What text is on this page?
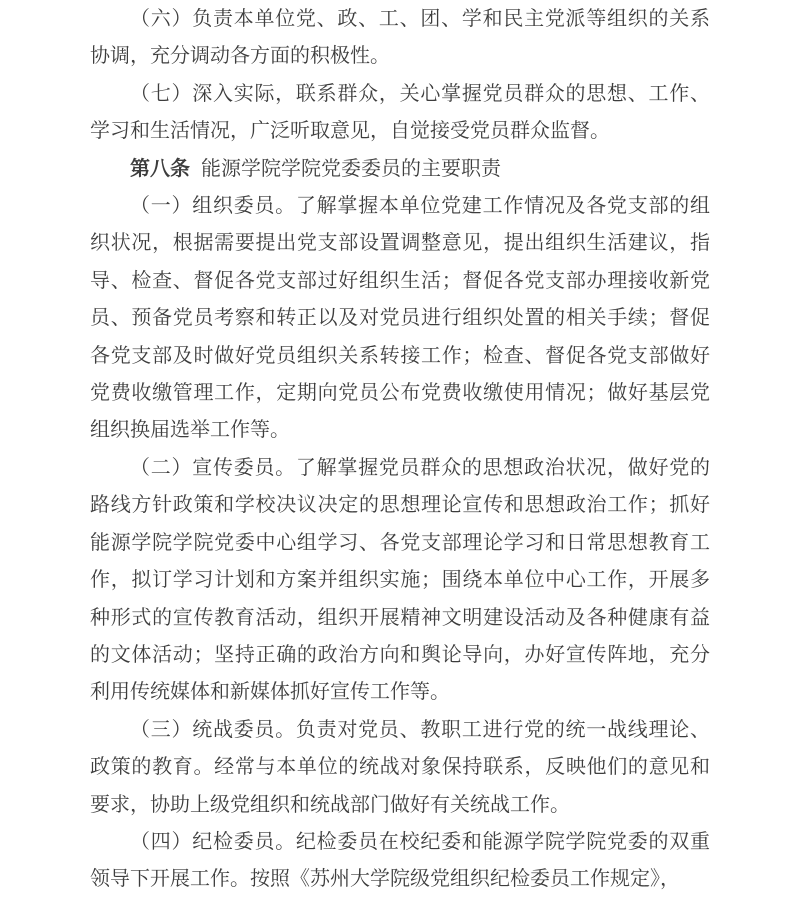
（六）负责本单位党、政、工、团、学和民主党派等组织的关系
协调，充分调动各方面的积极性。
（七）深入实际，联系群众，关心掌握党员群众的思想、工作、
学习和生活情况，广泛听取意见，自觉接受党员群众监督。
第八条 能源学院学院党委委员的主要职责
（一）组织委员。了解掌握本单位党建工作情况及各党支部的组
织状况，根据需要提出党支部设置调整意见，提出组织生活建议，指
导、检查、督促各党支部过好组织生活；督促各党支部办理接收新党
员、预备党员考察和转正以及对党员进行组织处置的相关手续；督促
各党支部及时做好党员组织关系转接工作；检查、督促各党支部做好
党费收缴管理工作，定期向党员公布党费收缴使用情况；做好基层党
组织换届选举工作等。
（二）宣传委员。了解掌握党员群众的思想政治状况，做好党的
路线方针政策和学校决议决定的思想理论宣传和思想政治工作；抓好
能源学院学院党委中心组学习、各党支部理论学习和日常思想教育工
作，拟订学习计划和方案并组织实施；围绕本单位中心工作，开展多
种形式的宣传教育活动，组织开展精神文明建设活动及各种健康有益
的文体活动；坚持正确的政治方向和舆论导向，办好宣传阵地，充分
利用传统媒体和新媒体抓好宣传工作等。
（三）统战委员。负责对党员、教职工进行党的统一战线理论、
政策的教育。经常与本单位的统战对象保持联系，反映他们的意见和
要求，协助上级党组织和统战部门做好有关统战工作。
（四）纪检委员。纪检委员在校纪委和能源学院学院党委的双重
领导下开展工作。按照《苏州大学院级党组织纪检委员工作规定》，
